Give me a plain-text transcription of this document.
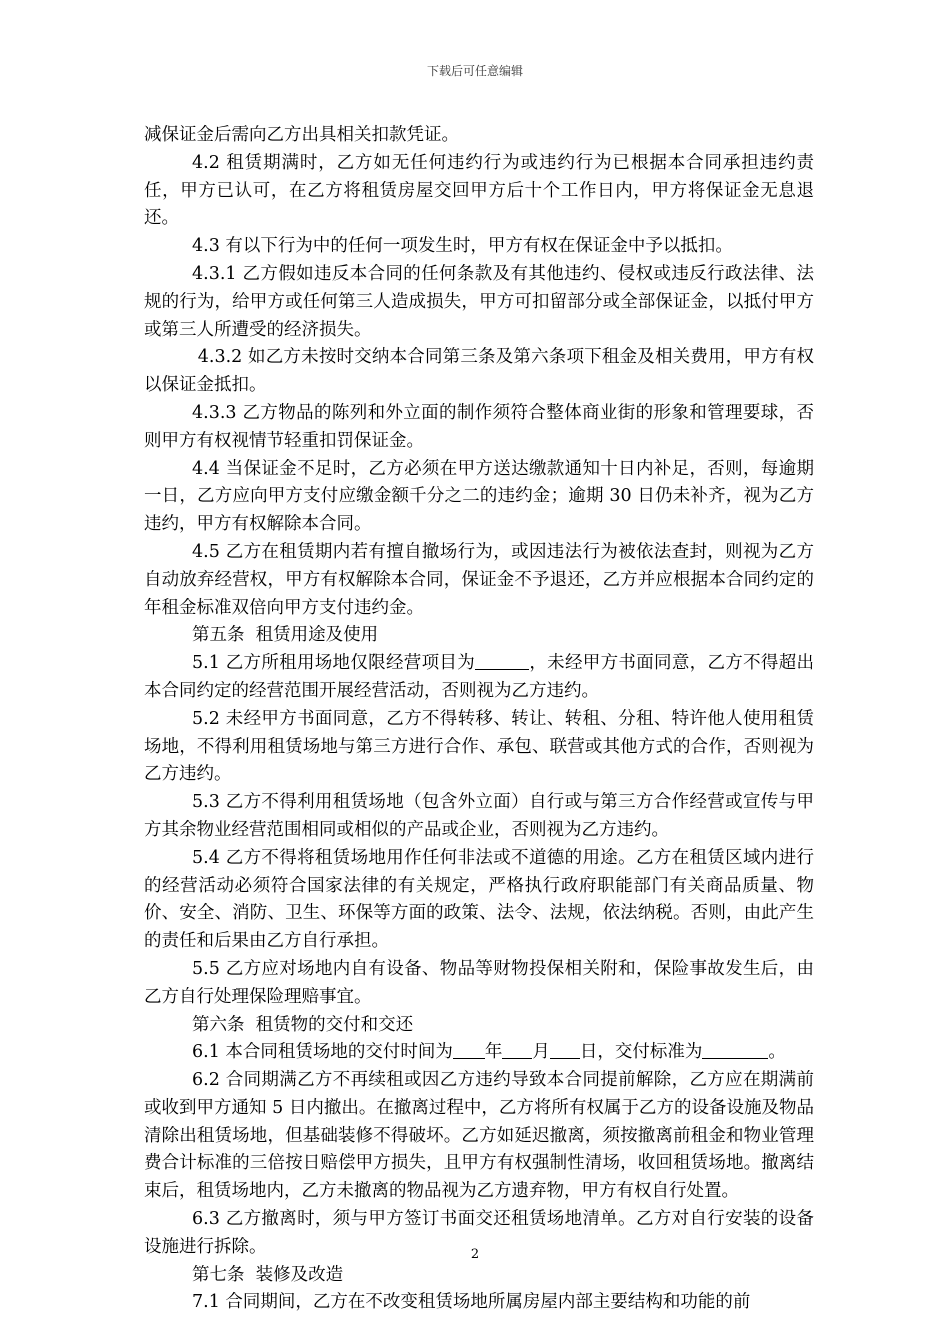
下载后可任意编辑

减保证金后需向乙方出具相关扣款凭证。

4.2 租赁期满时，乙方如无任何违约行为或违约行为已根据本合同承担违约责任，甲方已认可，在乙方将租赁房屋交回甲方后十个工作日内，甲方将保证金无息退还。

4.3 有以下行为中的任何一项发生时，甲方有权在保证金中予以抵扣。

4.3.1 乙方假如违反本合同的任何条款及有其他违约、侵权或违反行政法律、法规的行为，给甲方或任何第三人造成损失，甲方可扣留部分或全部保证金，以抵付甲方或第三人所遭受的经济损失。

4.3.2 如乙方未按时交纳本合同第三条及第六条项下租金及相关费用，甲方有权以保证金抵扣。

4.3.3 乙方物品的陈列和外立面的制作须符合整体商业街的形象和管理要球，否则甲方有权视情节轻重扣罚保证金。

4.4 当保证金不足时，乙方必须在甲方送达缴款通知十日内补足，否则，每逾期一日，乙方应向甲方支付应缴金额千分之二的违约金；逾期 30 日仍未补齐，视为乙方违约，甲方有权解除本合同。

4.5 乙方在租赁期内若有擅自撤场行为，或因违法行为被依法查封，则视为乙方自动放弃经营权，甲方有权解除本合同，保证金不予退还，乙方并应根据本合同约定的年租金标准双倍向甲方支付违约金。

第五条  租赁用途及使用

5.1 乙方所租用场地仅限经营项目为	，未经甲方书面同意，乙方不得超出本合同约定的经营范围开展经营活动，否则视为乙方违约。

5.2 未经甲方书面同意，乙方不得转移、转让、转租、分租、特许他人使用租赁场地，不得利用租赁场地与第三方进行合作、承包、联营或其他方式的合作，否则视为乙方违约。

5.3 乙方不得利用租赁场地（包含外立面）自行或与第三方合作经营或宣传与甲方其余物业经营范围相同或相似的产品或企业，否则视为乙方违约。

5.4 乙方不得将租赁场地用作任何非法或不道德的用途。乙方在租赁区域内进行的经营活动必须符合国家法律的有关规定，严格执行政府职能部门有关商品质量、物价、安全、消防、卫生、环保等方面的政策、法令、法规，依法纳税。否则，由此产生的责任和后果由乙方自行承担。

5.5 乙方应对场地内自有设备、物品等财物投保相关附和，保险事故发生后，由乙方自行处理保险理赔事宜。

第六条  租赁物的交付和交还

6.1 本合同租赁场地的交付时间为 年 月 日，交付标准为	。

6.2 合同期满乙方不再续租或因乙方违约导致本合同提前解除，乙方应在期满前或收到甲方通知 5 日内撤出。在撤离过程中，乙方将所有权属于乙方的设备设施及物品清除出租赁场地，但基础装修不得破坏。乙方如延迟撤离，须按撤离前租金和物业管理费合计标准的三倍按日赔偿甲方损失，且甲方有权强制性清场，收回租赁场地。撤离结束后，租赁场地内，乙方未撤离的物品视为乙方遗弃物，甲方有权自行处置。

6.3 乙方撤离时，须与甲方签订书面交还租赁场地清单。乙方对自行安装的设备设施进行拆除。

第七条  装修及改造

7.1 合同期间，乙方在不改变租赁场地所属房屋内部主要结构和功能的前

2
